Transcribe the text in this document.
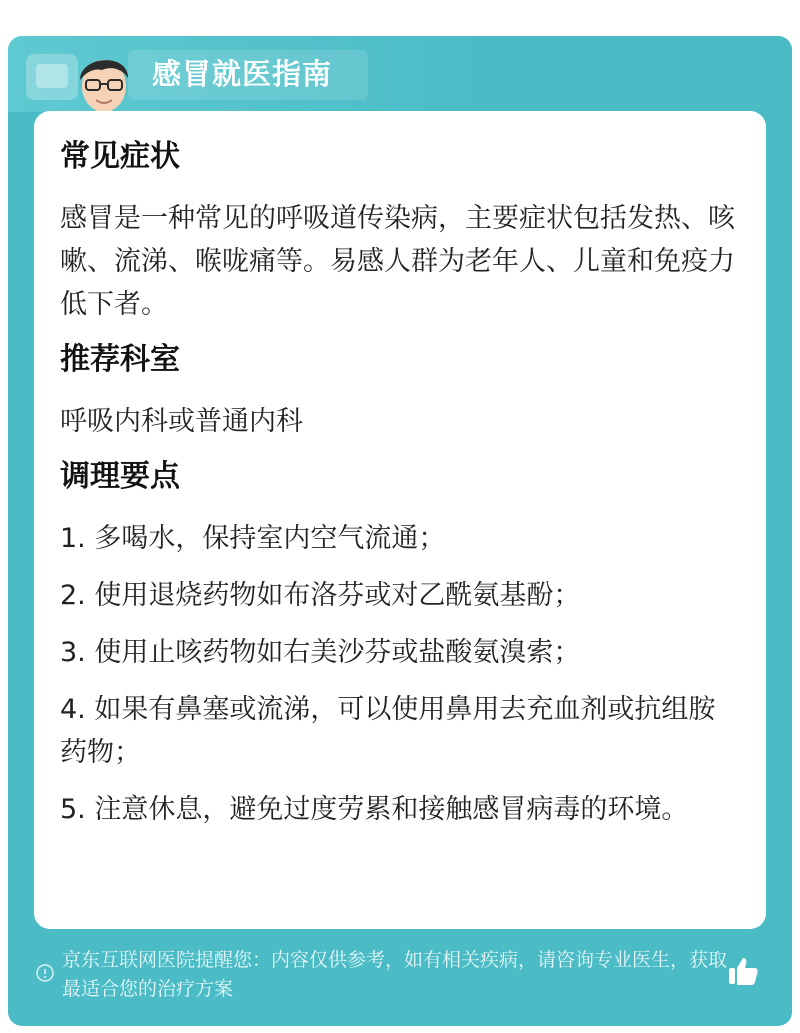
感冒就医指南
常见症状
感冒是一种常见的呼吸道传染病，主要症状包括发热、咳嗽、流涕、喉咙痛等。易感人群为老年人、儿童和免疫力低下者。
推荐科室
呼吸内科或普通内科
调理要点
1. 多喝水，保持室内空气流通；
2. 使用退烧药物如布洛芬或对乙酰氨基酚；
3. 使用止咳药物如右美沙芬或盐酸氨溴索；
4. 如果有鼻塞或流涕，可以使用鼻用去充血剂或抗组胺药物；
5. 注意休息，避免过度劳累和接触感冒病毒的环境。
京东互联网医院提醒您：内容仅供参考，如有相关疾病，请咨询专业医生，获取最适合您的治疗方案
